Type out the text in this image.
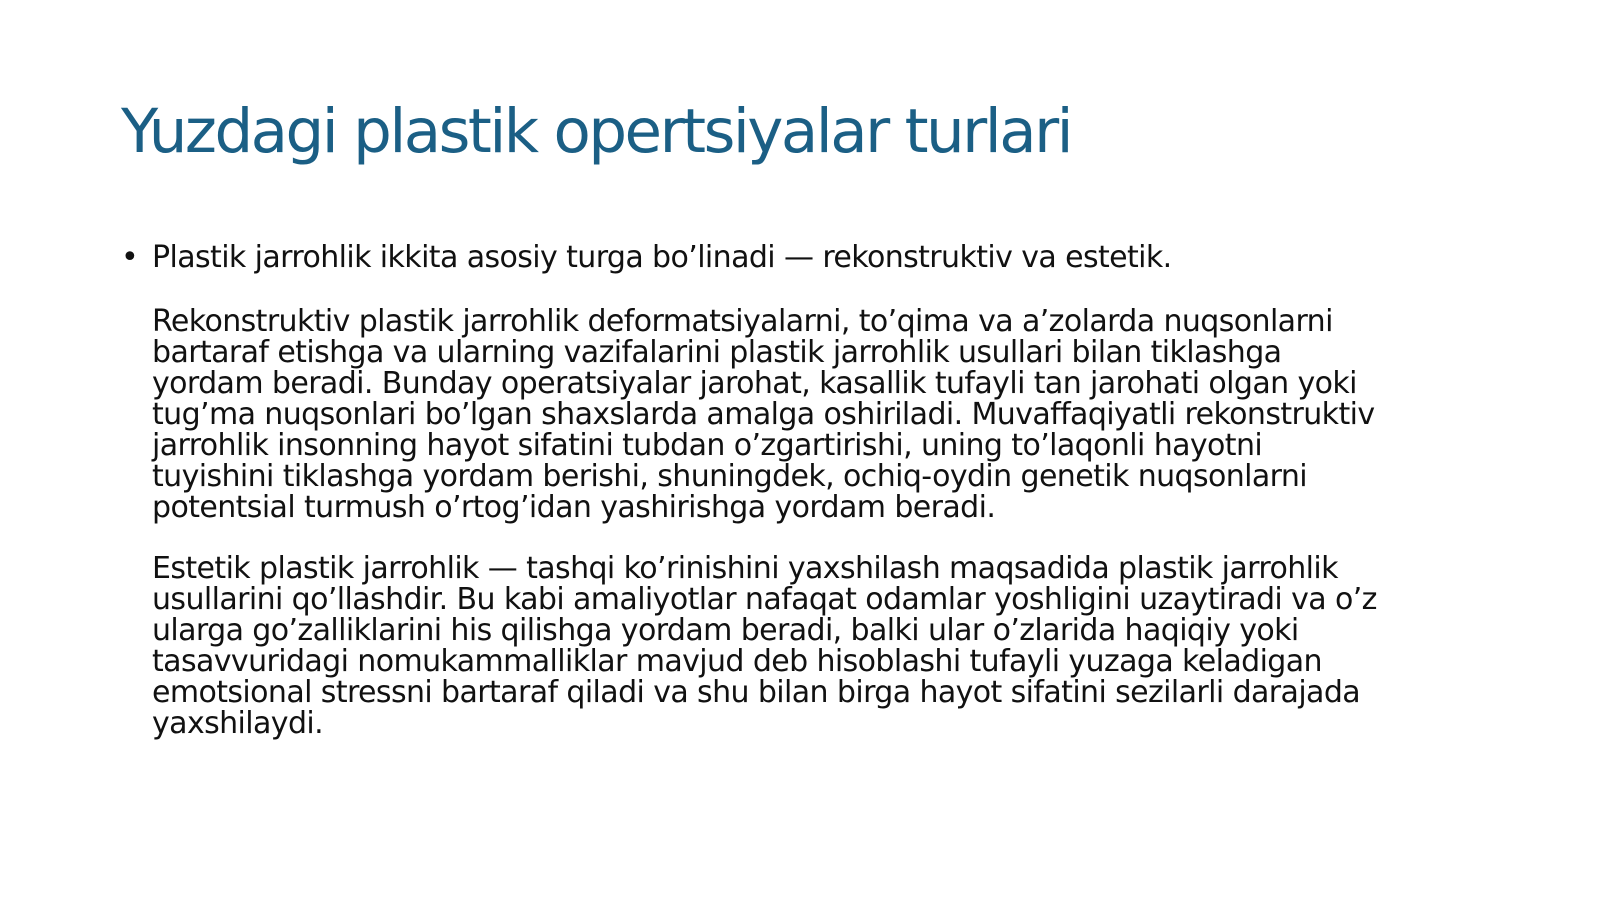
Yuzdagi plastik opertsiyalar turlari
• Plastik jarrohlik ikkita asosiy turga bo’linadi — rekonstruktiv va estetik.
Rekonstruktiv plastik jarrohlik deformatsiyalarni, to’qima va a’zolarda nuqsonlarni
bartaraf etishga va ularning vazifalarini plastik jarrohlik usullari bilan tiklashga
yordam beradi. Bunday operatsiyalar jarohat, kasallik tufayli tan jarohati olgan yoki
tug’ma nuqsonlari bo’lgan shaxslarda amalga oshiriladi. Muvaffaqiyatli rekonstruktiv
jarrohlik insonning hayot sifatini tubdan o’zgartirishi, uning to’laqonli hayotni
tuyishini tiklashga yordam berishi, shuningdek, ochiq-oydin genetik nuqsonlarni
potentsial turmush o’rtog’idan yashirishga yordam beradi.
Estetik plastik jarrohlik — tashqi ko’rinishini yaxshilash maqsadida plastik jarrohlik
usullarini qo’llashdir. Bu kabi amaliyotlar nafaqat odamlar yoshligini uzaytiradi va o’z
ularga go’zalliklarini his qilishga yordam beradi, balki ular o’zlarida haqiqiy yoki
tasavvuridagi nomukammalliklar mavjud deb hisoblashi tufayli yuzaga keladigan
emotsional stressni bartaraf qiladi va shu bilan birga hayot sifatini sezilarli darajada
yaxshilaydi.
